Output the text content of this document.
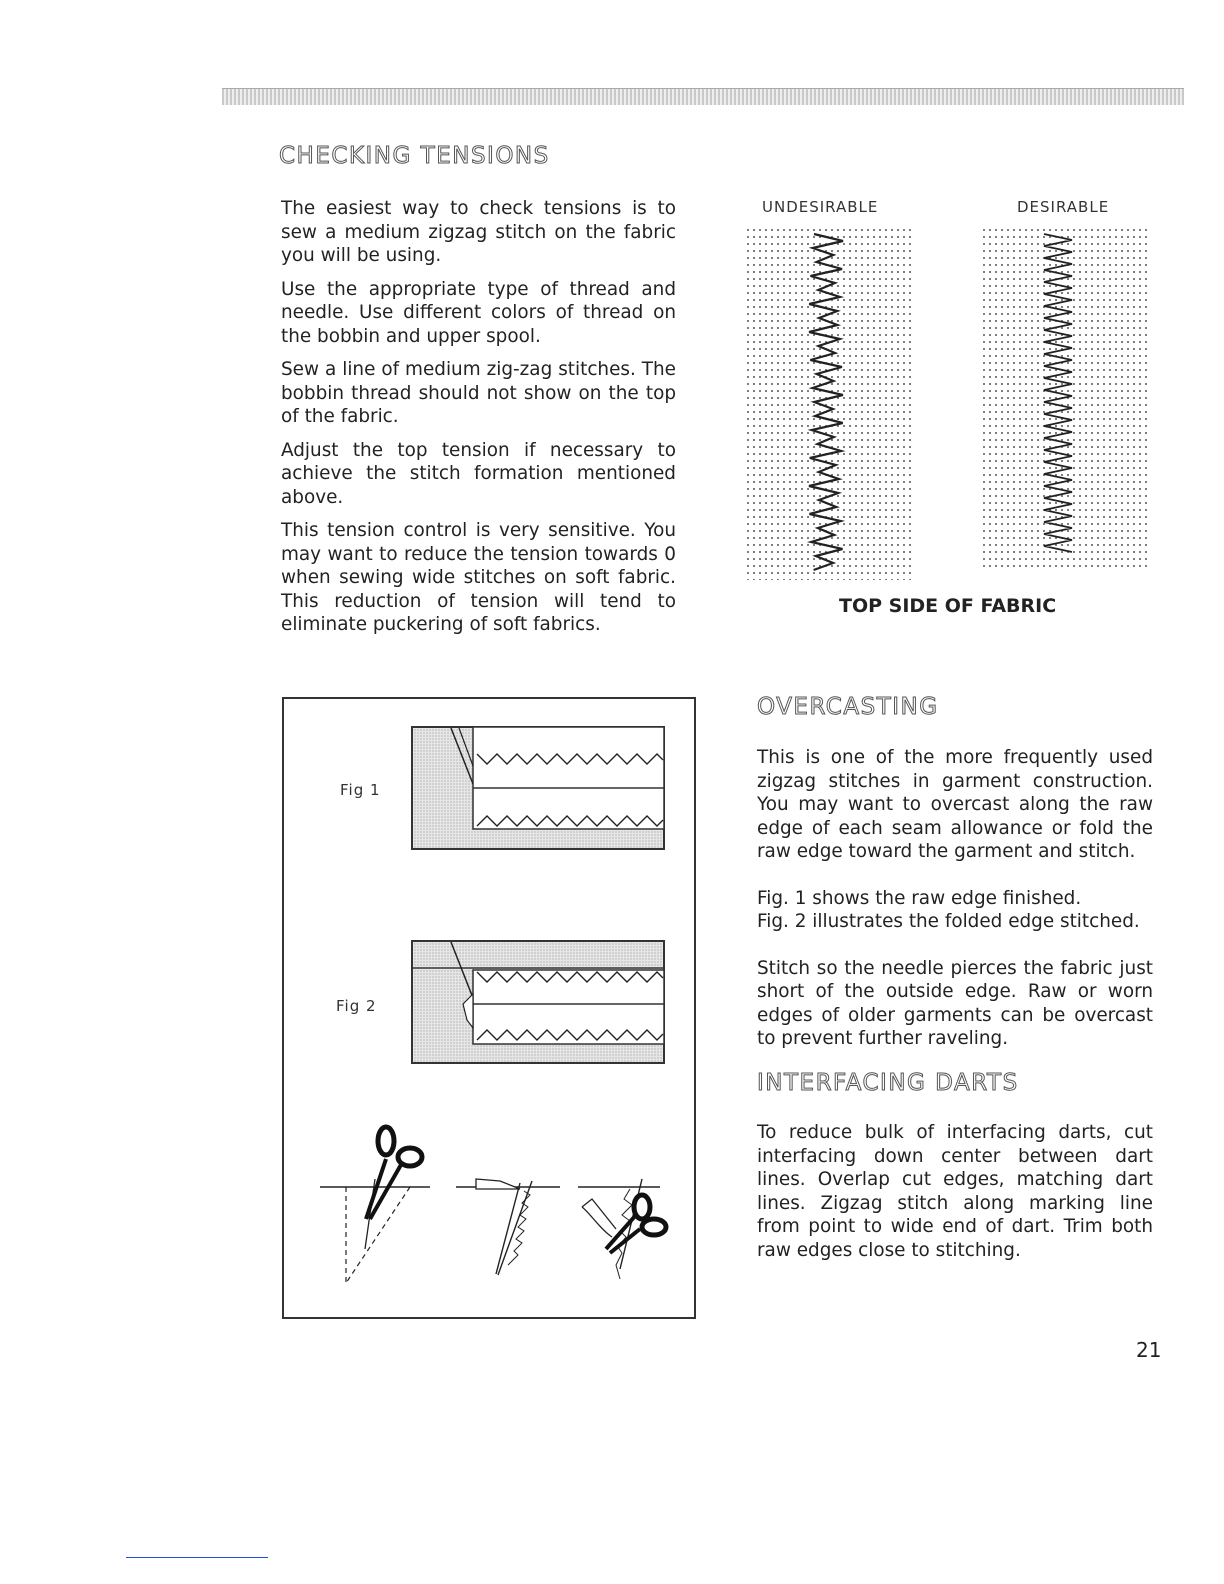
CHECKING TENSIONS

The easiest way to check tensions is to sew a medium zigzag stitch on the fabric you will be using.

Use the appropriate type of thread and needle. Use different colors of thread on the bobbin and upper spool.

Sew a line of medium zig-zag stitches. The bobbin thread should not show on the top of the fabric.

Adjust the top tension if necessary to achieve the stitch formation mentioned above.

This tension control is very sensitive. You may want to reduce the tension towards 0 when sewing wide stitches on soft fabric. This reduction of tension will tend to eliminate puckering of soft fabrics.

UNDESIRABLE	DESIRABLE
TOP SIDE OF FABRIC
Fig 1
Fig 2
OVERCASTING

This is one of the more frequently used zigzag stitches in garment construction. You may want to overcast along the raw edge of each seam allowance or fold the raw edge toward the garment and stitch.

Fig. 1 shows the raw edge finished.

Fig. 2 illustrates the folded edge stitched.

Stitch so the needle pierces the fabric just short of the outside edge. Raw or worn edges of older garments can be overcast to prevent further raveling.

INTERFACING DARTS

To reduce bulk of interfacing darts, cut interfacing down center between dart lines. Overlap cut edges, matching dart lines. Zigzag stitch along marking line from point to wide end of dart. Trim both raw edges close to stitching.

21
